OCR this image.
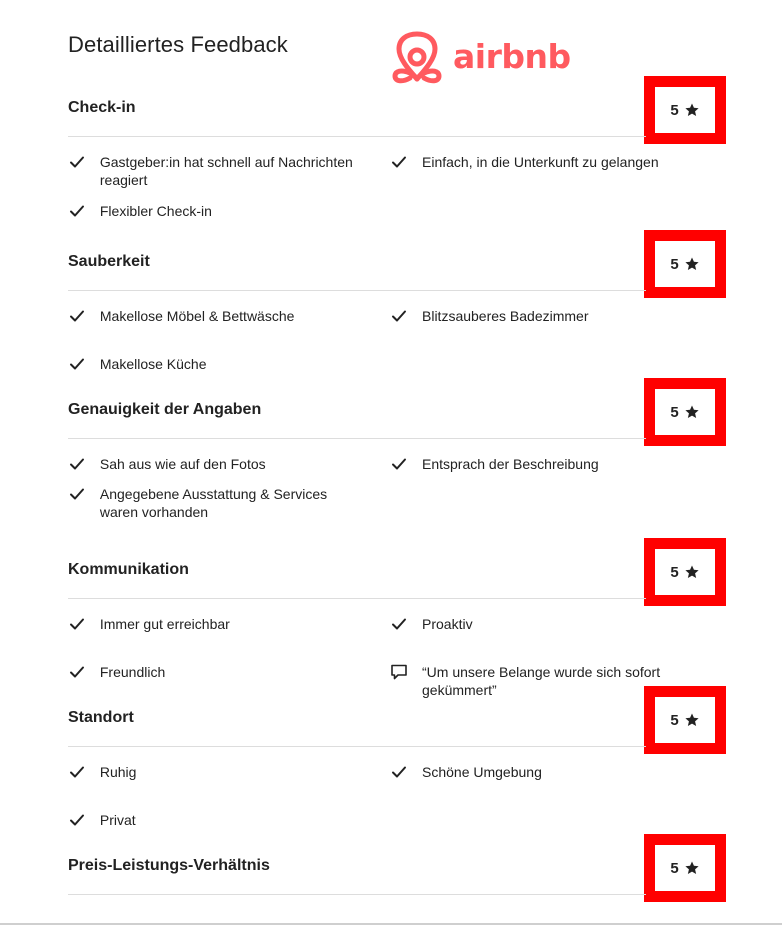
Detailliertes Feedback	airbnb
Check-in	5
Gastgeber:in hat schnell auf Nachrichten reagiert
Flexibler Check-in
Einfach, in die Unterkunft zu gelangen
Sauberkeit	5
Makellose Möbel & Bettwäsche
Makellose Küche
Blitzsauberes Badezimmer
Genauigkeit der Angaben	5
Sah aus wie auf den Fotos
Angegebene Ausstattung & Services waren vorhanden
Entsprach der Beschreibung
Kommunikation	5
Immer gut erreichbar
Freundlich
Proaktiv
“Um unsere Belange wurde sich sofort gekümmert”
Standort	5
Ruhig
Privat
Schöne Umgebung
Preis-Leistungs-Verhältnis	5
